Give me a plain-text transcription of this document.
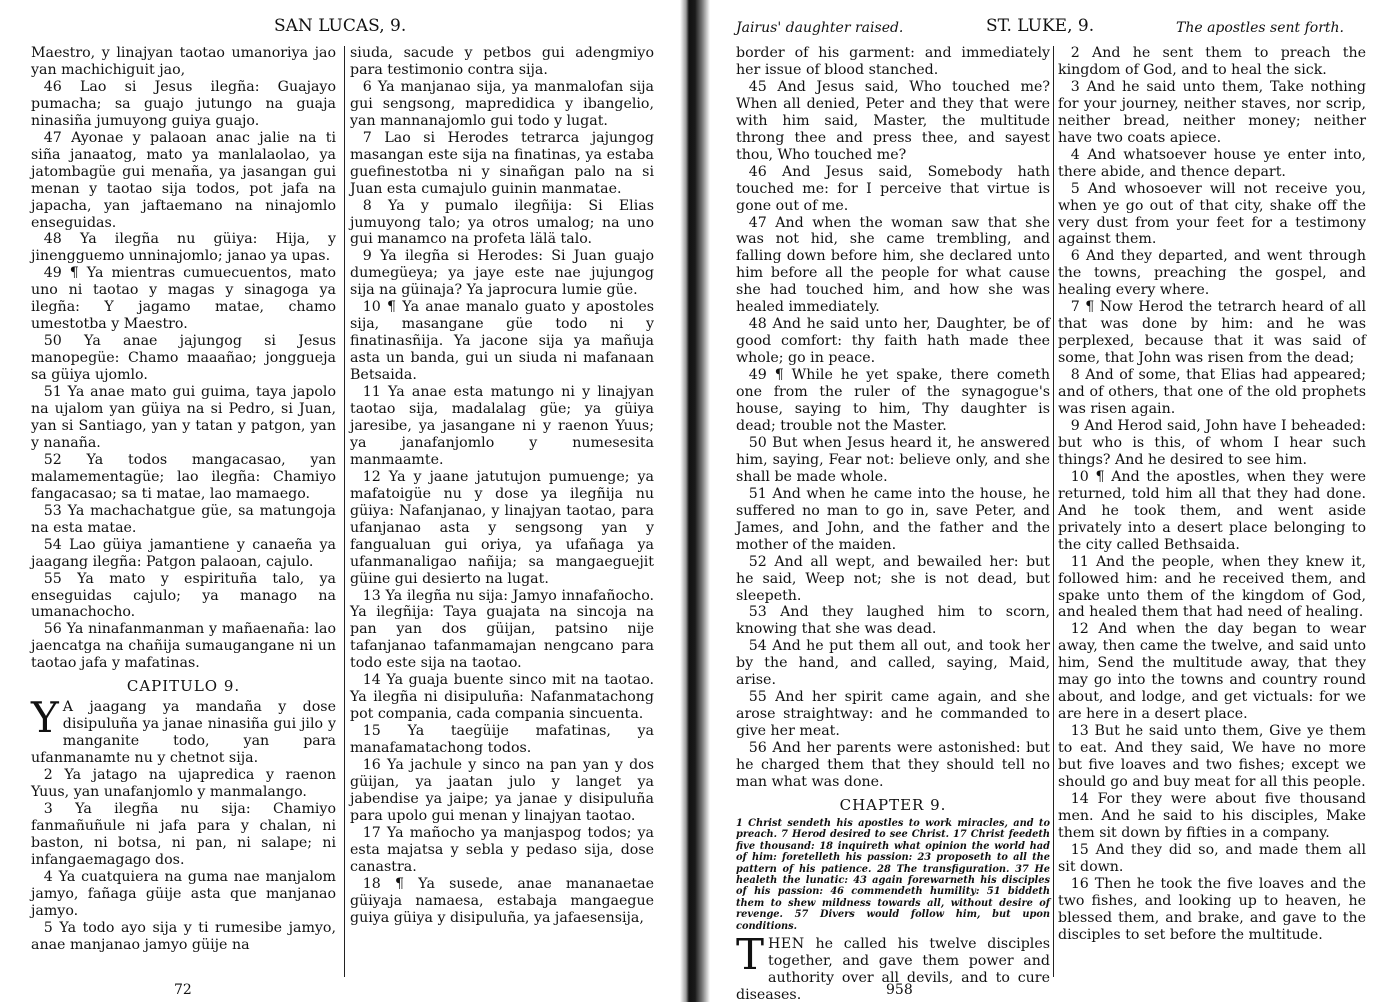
SAN LUCAS, 9.

Maestro, y linajyan taotao umanoriya jao yan machichiguit jao,

46 Lao si Jesus ilegña: Guajayo pumacha; sa guajo jutungo na guaja ninasiña jumuyong guiya guajo.

47 Ayonae y palaoan anac jalie na ti siña janaatog, mato ya manlalaolao, ya jatombagüe gui menaña, ya jasangan gui menan y taotao sija todos, pot jafa na japacha, yan jaftaemano na ninajomlo enseguidas.

48 Ya ilegña nu güiya: Hija, y jinengguemo unninajomlo; janao ya upas.

49 ¶ Ya mientras cumuecuentos, mato uno ni taotao y magas y sinagoga ya ilegña: Y jagamo matae, chamo umestotba y Maestro.

50 Ya anae jajungog si Jesus manopegüe: Chamo maaañao; jonggueja sa güiya ujomlo.

51 Ya anae mato gui guima, taya japolo na ujalom yan güiya na si Pedro, si Juan, yan si Santiago, yan y tatan y patgon, yan y nanaña.

52 Ya todos mangacasao, yan malamementagüe; lao ilegña: Chamiyo fangacasao; sa ti matae, lao mamaego.

53 Ya machachatgue güe, sa matungoja na esta matae.

54 Lao güiya jamantiene y canaeña ya jaagang ilegña: Patgon palaoan, cajulo.

55 Ya mato y espirituña talo, ya enseguidas cajulo; ya manago na umanachocho.

56 Ya ninafanmanman y mañaenaña: lao jaencatga na chañija sumaugangane ni un taotao jafa y mafatinas.

CAPITULO 9.

Y A jaagang ya mandaña y dose disipuluña ya janae ninasiña gui jilo y manganite todo, yan para ufanmanamte nu y chetnot sija.

2 Ya jatago na ujapredica y raenon Yuus, yan unafanjomlo y manmalango.

3 Ya ilegña nu sija: Chamiyo fanmañuñule ni jafa para y chalan, ni baston, ni botsa, ni pan, ni salape; ni infangaemagago dos.

4 Ya cuatquiera na guma nae manjalom jamyo, fañaga güije asta que manjanao jamyo.

5 Ya todo ayo sija y ti rumesibe jamyo, anae manjanao jamyo güije na

siuda, sacude y petbos gui adengmiyo para testimonio contra sija.

6 Ya manjanao sija, ya manmalofan sija gui sengsong, mapredidica y ibangelio, yan mannanajomlo gui todo y lugat.

7 Lao si Herodes tetrarca jajungog masangan este sija na finatinas, ya estaba guefinestotba ni y sinañgan palo na si Juan esta cumajulo guinin manmatae.

8 Ya y pumalo ilegñija: Si Elias jumuyong talo; ya otros umalog; na uno gui manamco na profeta lälä talo.

9 Ya ilegña si Herodes: Si Juan guajo dumegüeya; ya jaye este nae jujungog sija na güinaja? Ya japrocura lumie güe.

10 ¶ Ya anae manalo guato y apostoles sija, masangane güe todo ni y finatinasñija. Ya jacone sija ya mañuja asta un banda, gui un siuda ni mafanaan Betsaida.

11 Ya anae esta matungo ni y linajyan taotao sija, madalalag güe; ya güiya jaresibe, ya jasangane ni y raenon Yuus; ya janafanjomlo y numesesita manmaamte.

12 Ya y jaane jatutujon pumuenge; ya mafatoigüe nu y dose ya ilegñija nu güiya: Nafanjanao, y linajyan taotao, para ufanjanao asta y sengsong yan y fangualuan gui oriya, ya ufañaga ya ufanmanaligao nañija; sa mangaeguejit güine gui desierto na lugat.

13 Ya ilegña nu sija: Jamyo innafañocho. Ya ilegñija: Taya guajata na sincoja na pan yan dos güijan, patsino nije tafanjanao tafanmamajan nengcano para todo este sija na taotao.

14 Ya guaja buente sinco mit na taotao. Ya ilegña ni disipuluña: Nafanmatachong pot compania, cada compania sincuenta.

15 Ya taegüije mafatinas, ya manafamatachong todos.

16 Ya jachule y sinco na pan yan y dos güijan, ya jaatan julo y langet ya jabendise ya jaipe; ya janae y disipuluña para upolo gui menan y linajyan taotao.

17 Ya mañocho ya manjaspog todos; ya esta majatsa y sebla y pedaso sija, dose canastra.

18 ¶ Ya susede, anae mananaetae güiyaja namaesa, estabaja mangaegue guiya güiya y disipuluña, ya jafaesensija,

72
Jairus' daughter raised.	ST. LUKE, 9.	The apostles sent forth.

border of his garment: and immediately her issue of blood stanched.

45 And Jesus said, Who touched me? When all denied, Peter and they that were with him said, Master, the multitude throng thee and press thee, and sayest thou, Who touched me?

46 And Jesus said, Somebody hath touched me: for I perceive that virtue is gone out of me.

47 And when the woman saw that she was not hid, she came trembling, and falling down before him, she declared unto him before all the people for what cause she had touched him, and how she was healed immediately.

48 And he said unto her, Daughter, be of good comfort: thy faith hath made thee whole; go in peace.

49 ¶ While he yet spake, there cometh one from the ruler of the synagogue's house, saying to him, Thy daughter is dead; trouble not the Master.

50 But when Jesus heard it, he answered him, saying, Fear not: believe only, and she shall be made whole.

51 And when he came into the house, he suffered no man to go in, save Peter, and James, and John, and the father and the mother of the maiden.

52 And all wept, and bewailed her: but he said, Weep not; she is not dead, but sleepeth.

53 And they laughed him to scorn, knowing that she was dead.

54 And he put them all out, and took her by the hand, and called, saying, Maid, arise.

55 And her spirit came again, and she arose straightway: and he commanded to give her meat.

56 And her parents were astonished: but he charged them that they should tell no man what was done.

CHAPTER 9.
1 Christ sendeth his apostles to work miracles, and to preach. 7 Herod desired to see Christ. 17 Christ feedeth five thousand: 18 inquireth what opinion the world had of him: foretelleth his passion: 23 proposeth to all the pattern of his patience. 28 The transfiguration. 37 He healeth the lunatic: 43 again forewarneth his disciples of his passion: 46 commendeth humility: 51 biddeth them to shew mildness towards all, without desire of revenge. 57 Divers would follow him, but upon conditions.

THEN he called his twelve disciples together, and gave them power and authority over all devils, and to cure diseases.

2 And he sent them to preach the kingdom of God, and to heal the sick.

3 And he said unto them, Take nothing for your journey, neither staves, nor scrip, neither bread, neither money; neither have two coats apiece.

4 And whatsoever house ye enter into, there abide, and thence depart.

5 And whosoever will not receive you, when ye go out of that city, shake off the very dust from your feet for a testimony against them.

6 And they departed, and went through the towns, preaching the gospel, and healing every where.

7 ¶ Now Herod the tetrarch heard of all that was done by him: and he was perplexed, because that it was said of some, that John was risen from the dead;

8 And of some, that Elias had appeared; and of others, that one of the old prophets was risen again.

9 And Herod said, John have I beheaded: but who is this, of whom I hear such things? And he desired to see him.

10 ¶ And the apostles, when they were returned, told him all that they had done. And he took them, and went aside privately into a desert place belonging to the city called Bethsaida.

11 And the people, when they knew it, followed him: and he received them, and spake unto them of the kingdom of God, and healed them that had need of healing.

12 And when the day began to wear away, then came the twelve, and said unto him, Send the multitude away, that they may go into the towns and country round about, and lodge, and get victuals: for we are here in a desert place.

13 But he said unto them, Give ye them to eat. And they said, We have no more but five loaves and two fishes; except we should go and buy meat for all this people.

14 For they were about five thousand men. And he said to his disciples, Make them sit down by fifties in a company.

15 And they did so, and made them all sit down.

16 Then he took the five loaves and the two fishes, and looking up to heaven, he blessed them, and brake, and gave to the disciples to set before the multitude.

958
